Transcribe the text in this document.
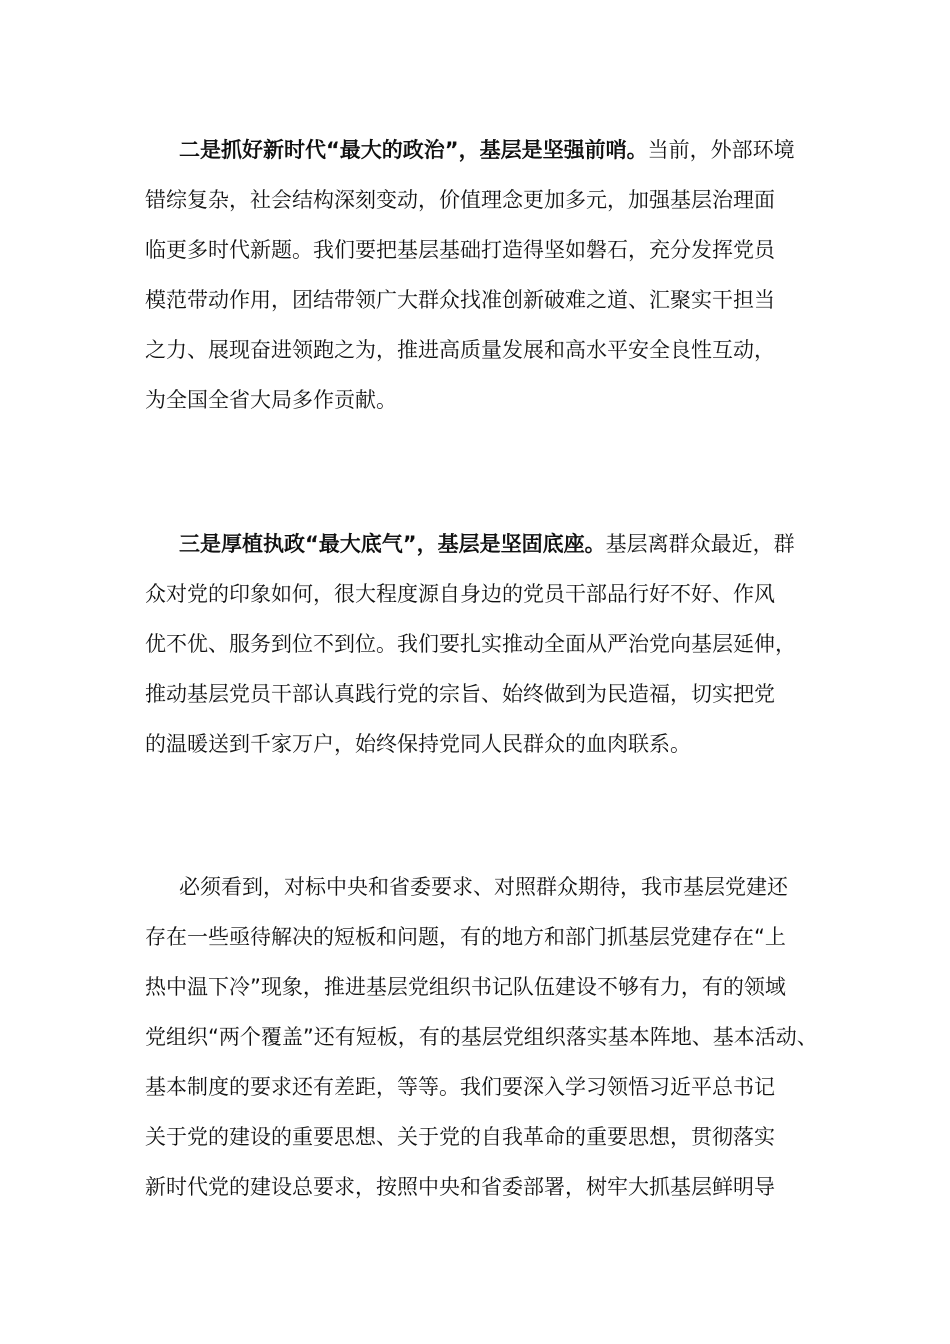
二是抓好新时代“最大的政治”，基层是坚强前哨。当前，外部环境
错综复杂，社会结构深刻变动，价值理念更加多元，加强基层治理面
临更多时代新题。我们要把基层基础打造得坚如磐石，充分发挥党员
模范带动作用，团结带领广大群众找准创新破难之道、汇聚实干担当
之力、展现奋进领跑之为，推进高质量发展和高水平安全良性互动，
为全国全省大局多作贡献。
三是厚植执政“最大底气”，基层是坚固底座。基层离群众最近，群
众对党的印象如何，很大程度源自身边的党员干部品行好不好、作风
优不优、服务到位不到位。我们要扎实推动全面从严治党向基层延伸，
推动基层党员干部认真践行党的宗旨、始终做到为民造福，切实把党
的温暖送到千家万户，始终保持党同人民群众的血肉联系。
必须看到，对标中央和省委要求、对照群众期待，我市基层党建还
存在一些亟待解决的短板和问题，有的地方和部门抓基层党建存在“上
热中温下冷”现象，推进基层党组织书记队伍建设不够有力，有的领域
党组织“两个覆盖”还有短板，有的基层党组织落实基本阵地、基本活动、
基本制度的要求还有差距，等等。我们要深入学习领悟习近平总书记
关于党的建设的重要思想、关于党的自我革命的重要思想，贯彻落实
新时代党的建设总要求，按照中央和省委部署，树牢大抓基层鲜明导
